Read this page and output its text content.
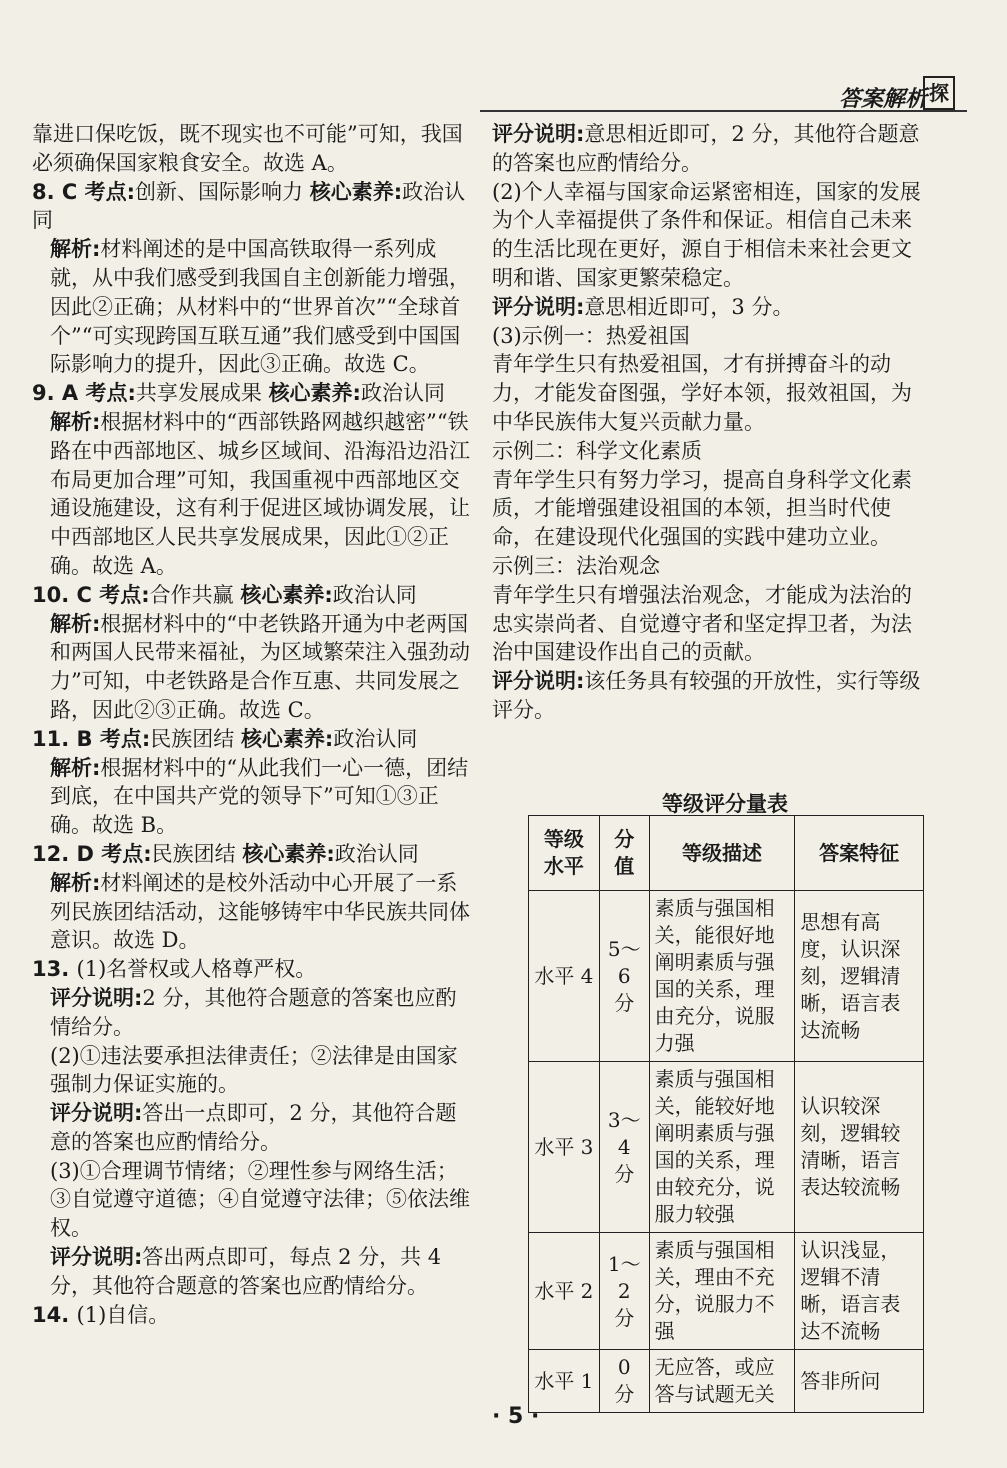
答案解析 探

靠进口保吃饭，既不现实也不可能”可知，我国必须确保国家粮食安全。故选 A。

8. C 考点:创新、国际影响力 核心素养:政治认同

解析:材料阐述的是中国高铁取得一系列成就，从中我们感受到我国自主创新能力增强，因此②正确；从材料中的“世界首次”“全球首个”“可实现跨国互联互通”我们感受到中国国际影响力的提升，因此③正确。故选 C。

9. A 考点:共享发展成果 核心素养:政治认同

解析:根据材料中的“西部铁路网越织越密”“铁路在中西部地区、城乡区域间、沿海沿边沿江布局更加合理”可知，我国重视中西部地区交通设施建设，这有利于促进区域协调发展，让中西部地区人民共享发展成果，因此①②正确。故选 A。

10. C 考点:合作共赢 核心素养:政治认同

解析:根据材料中的“中老铁路开通为中老两国和两国人民带来福祉，为区域繁荣注入强劲动力”可知，中老铁路是合作互惠、共同发展之路，因此②③正确。故选 C。

11. B 考点:民族团结 核心素养:政治认同

解析:根据材料中的“从此我们一心一德，团结到底，在中国共产党的领导下”可知①③正确。故选 B。

12. D 考点:民族团结 核心素养:政治认同

解析:材料阐述的是校外活动中心开展了一系列民族团结活动，这能够铸牢中华民族共同体意识。故选 D。

13. (1)名誉权或人格尊严权。

评分说明:2 分，其他符合题意的答案也应酌情给分。

(2)①违法要承担法律责任；②法律是由国家强制力保证实施的。

评分说明:答出一点即可，2 分，其他符合题意的答案也应酌情给分。

(3)①合理调节情绪；②理性参与网络生活；③自觉遵守道德；④自觉遵守法律；⑤依法维权。

评分说明:答出两点即可，每点 2 分，共 4 分，其他符合题意的答案也应酌情给分。

14. (1)自信。

评分说明:意思相近即可，2 分，其他符合题意的答案也应酌情给分。

(2)个人幸福与国家命运紧密相连，国家的发展为个人幸福提供了条件和保证。相信自己未来的生活比现在更好，源自于相信未来社会更文明和谐、国家更繁荣稳定。

评分说明:意思相近即可，3 分。

(3)示例一：热爱祖国

青年学生只有热爱祖国，才有拼搏奋斗的动力，才能发奋图强，学好本领，报效祖国，为中华民族伟大复兴贡献力量。

示例二：科学文化素质

青年学生只有努力学习，提高自身科学文化素质，才能增强建设祖国的本领，担当时代使命，在建设现代化强国的实践中建功立业。

示例三：法治观念

青年学生只有增强法治观念，才能成为法治的忠实崇尚者、自觉遵守者和坚定捍卫者，为法治中国建设作出自己的贡献。

评分说明:该任务具有较强的开放性，实行等级评分。

等级评分量表
等级水平	分值	等级描述	答案特征
水平 4	5～6 分	素质与强国相关，能很好地阐明素质与强国的关系，理由充分，说服力强	思想有高度，认识深刻，逻辑清晰，语言表达流畅
水平 3	3～4 分	素质与强国相关，能较好地阐明素质与强国的关系，理由较充分，说服力较强	认识较深刻，逻辑较清晰，语言表达较流畅
水平 2	1～2 分	素质与强国相关，理由不充分，说服力不强	认识浅显，逻辑不清晰，语言表达不流畅
水平 1	0 分	无应答，或应答与试题无关	答非所问
· 5 ·
